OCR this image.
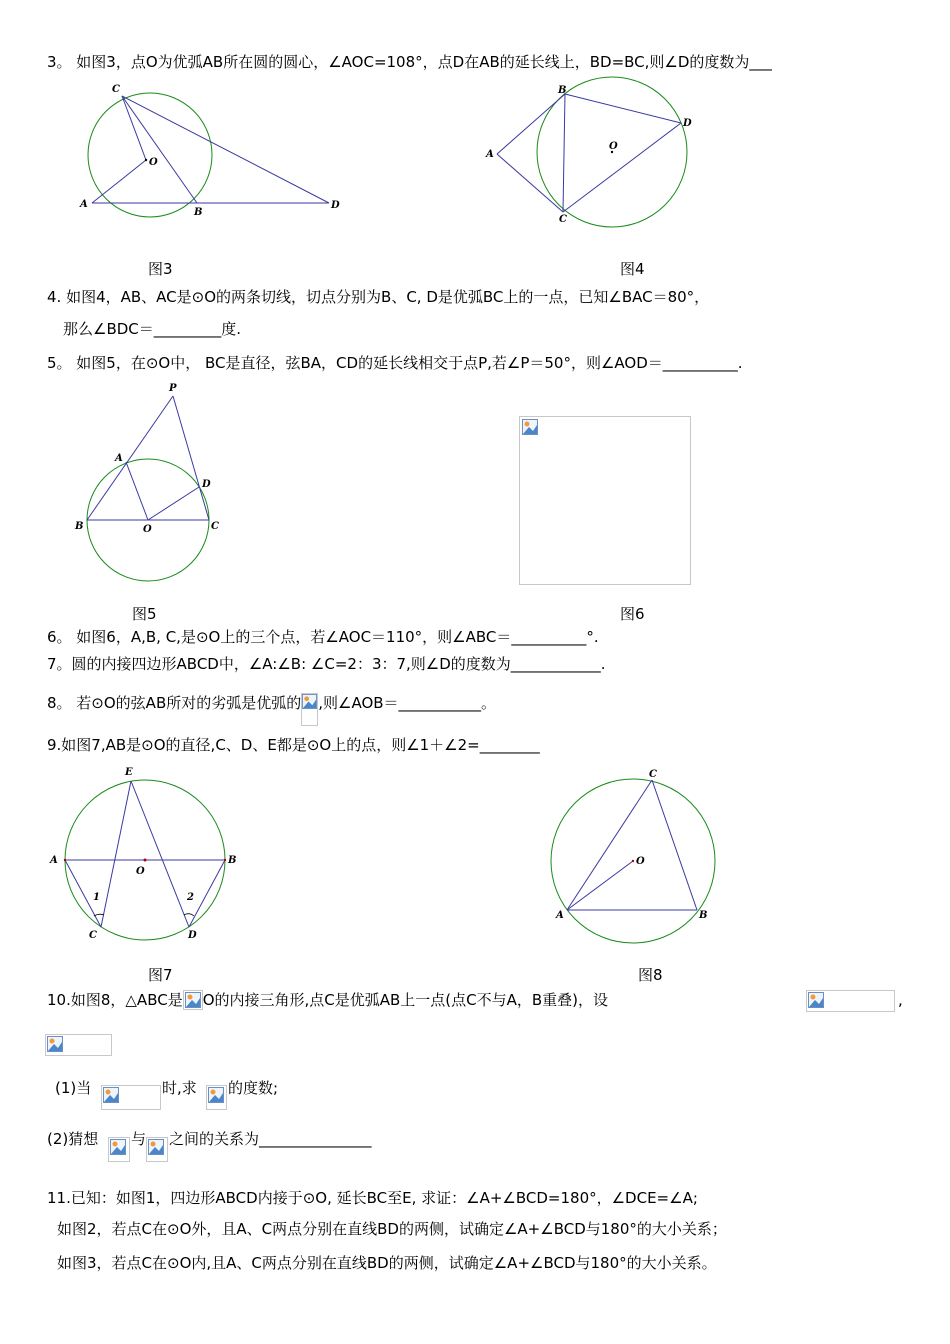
3。 如图3，点O为优弧AB所在圆的圆心，∠AOC=108°，点D在AB的延长线上，BD=BC,则∠D的度数为___
C
O
A
B
D
B
D
A
O
C
图3	图4
4. 如图4，AB、AC是⊙O的两条切线，切点分别为B、C, D是优弧BC上的一点，已知∠BAC＝80°，
那么∠BDC＝_________度.
5。 如图5，在⊙O中， BC是直径，弦BA，CD的延长线相交于点P,若∠P＝50°，则∠AOD＝__________.
P
A
D
B	O	C
图5	图6
6。 如图6，A,B, C,是⊙O上的三个点，若∠AOC＝110°，则∠ABC＝__________°.
7。圆的内接四边形ABCD中，∠A:∠B: ∠C=2：3：7,则∠D的度数为____________.
8。 若⊙O的弦AB所对的劣弧是优弧的 ,则∠AOB＝___________。
9.如图7,AB是⊙O的直径,C、D、E都是⊙O上的点，则∠1＋∠2=________
E
A	B
O
1	2
C	D
C
O
A	B
图7	图8
10.如图8，△ABC是 O的内接三角形,点C是优弧AB上一点(点C不与A，B重叠)，设	,
(1)当	时,求 的度数;
(2)猜想 与 之间的关系为_______________
11.已知：如图1，四边形ABCD内接于⊙O, 延长BC至E, 求证：∠A+∠BCD=180°，∠DCE=∠A;
如图2，若点C在⊙O外，且A、C两点分别在直线BD的两侧，试确定∠A+∠BCD与180°的大小关系；
如图3，若点C在⊙O内,且A、C两点分别在直线BD的两侧，试确定∠A+∠BCD与180°的大小关系。
